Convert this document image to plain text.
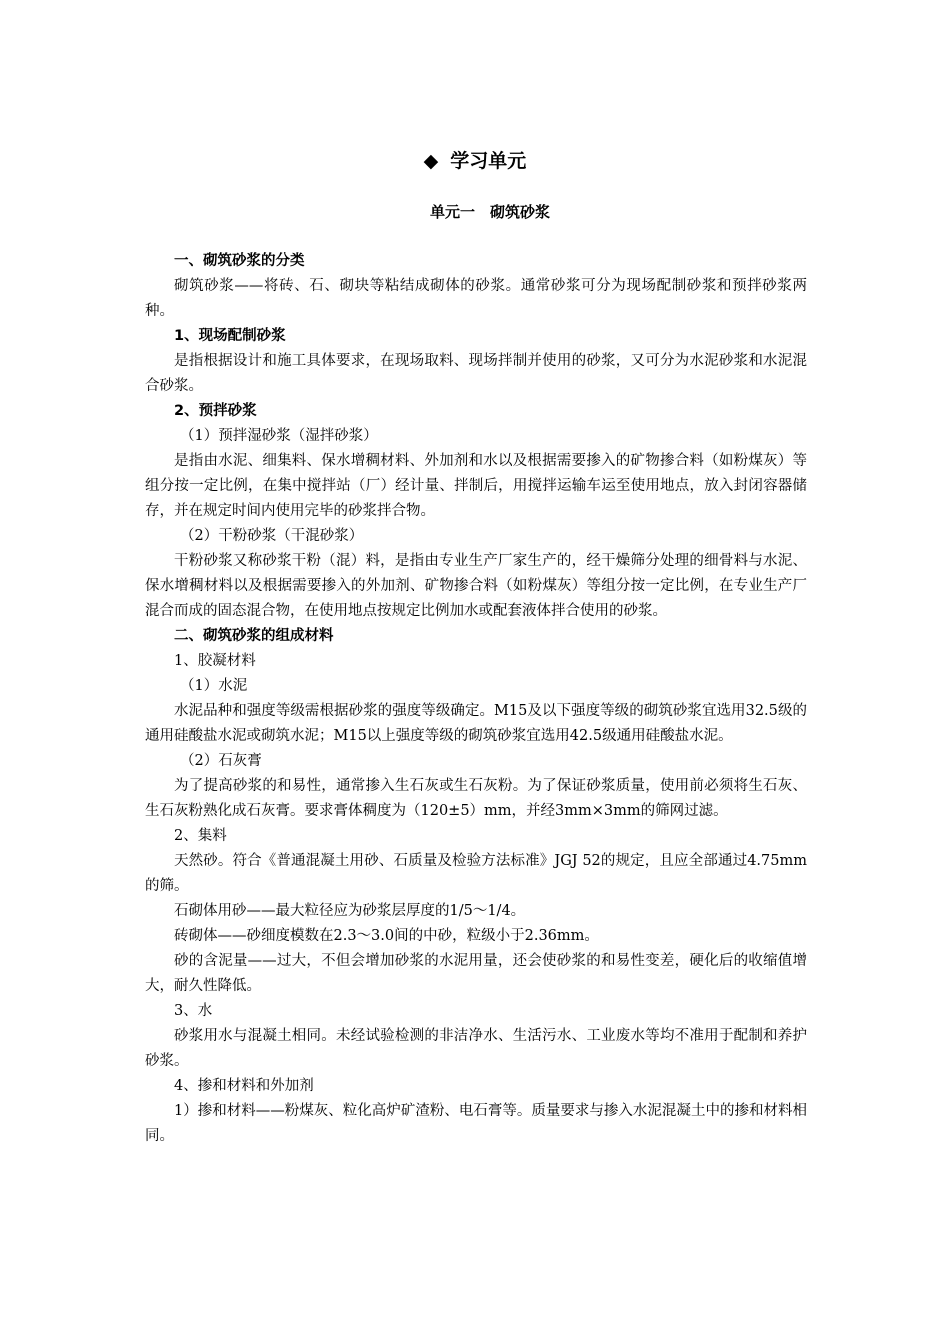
◆ 学习单元
单元一　砌筑砂浆

一、砌筑砂浆的分类

砌筑砂浆——将砖、石、砌块等粘结成砌体的砂浆。通常砂浆可分为现场配制砂浆和预拌砂浆两种。

1、现场配制砂浆

是指根据设计和施工具体要求，在现场取料、现场拌制并使用的砂浆，又可分为水泥砂浆和水泥混合砂浆。

2、预拌砂浆

（1）预拌湿砂浆（湿拌砂浆）

是指由水泥、细集料、保水增稠材料、外加剂和水以及根据需要掺入的矿物掺合料（如粉煤灰）等组分按一定比例，在集中搅拌站（厂）经计量、拌制后，用搅拌运输车运至使用地点，放入封闭容器储存，并在规定时间内使用完毕的砂浆拌合物。

（2）干粉砂浆（干混砂浆）

干粉砂浆又称砂浆干粉（混）料，是指由专业生产厂家生产的，经干燥筛分处理的细骨料与水泥、保水增稠材料以及根据需要掺入的外加剂、矿物掺合料（如粉煤灰）等组分按一定比例，在专业生产厂混合而成的固态混合物，在使用地点按规定比例加水或配套液体拌合使用的砂浆。

二、砌筑砂浆的组成材料

1、胶凝材料

（1）水泥

水泥品种和强度等级需根据砂浆的强度等级确定。M15及以下强度等级的砌筑砂浆宜选用32.5级的通用硅酸盐水泥或砌筑水泥；M15以上强度等级的砌筑砂浆宜选用42.5级通用硅酸盐水泥。

（2）石灰膏

为了提高砂浆的和易性，通常掺入生石灰或生石灰粉。为了保证砂浆质量，使用前必须将生石灰、生石灰粉熟化成石灰膏。要求膏体稠度为（120±5）mm，并经3mm×3mm的筛网过滤。

2、集料

天然砂。符合《普通混凝土用砂、石质量及检验方法标准》JGJ 52的规定，且应全部通过4.75mm的筛。

石砌体用砂——最大粒径应为砂浆层厚度的1/5～1/4。

砖砌体——砂细度模数在2.3～3.0间的中砂，粒级小于2.36mm。

砂的含泥量——过大，不但会增加砂浆的水泥用量，还会使砂浆的和易性变差，硬化后的收缩值增大，耐久性降低。

3、水

砂浆用水与混凝土相同。未经试验检测的非洁净水、生活污水、工业废水等均不准用于配制和养护砂浆。

4、掺和材料和外加剂

1）掺和材料——粉煤灰、粒化高炉矿渣粉、电石膏等。质量要求与掺入水泥混凝土中的掺和材料相同。
